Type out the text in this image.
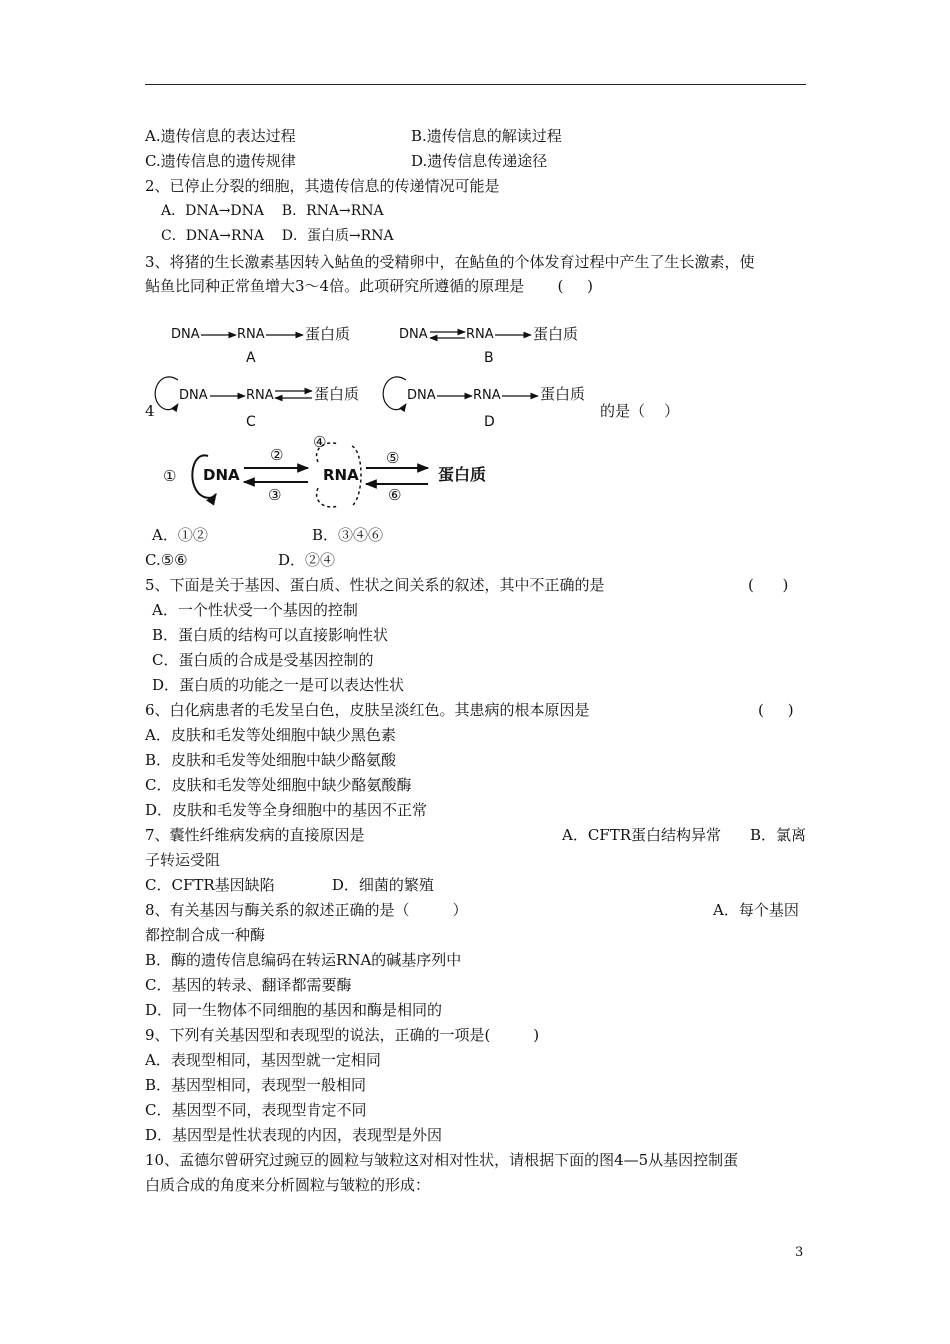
A.遗传信息的表达过程	B.遗传信息的解读过程
C.遗传信息的遗传规律	D.遗传信息传递途径
2、已停止分裂的细胞，其遗传信息的传递情况可能是
A．DNA→DNA    B．RNA→RNA
C．DNA→RNA    D．蛋白质→RNA
3、将猪的生长激素基因转入鲇鱼的受精卵中，在鲇鱼的个体发育过程中产生了生长激素，使
鲇鱼比同种正常鱼增大3～4倍。此项研究所遵循的原理是       (     )
DNA	RNA	蛋白质
A
DNA	RNA	蛋白质
B
DNA	RNA	蛋白质
C
DNA	RNA	蛋白质
D
4	的是（    ）
① DNA
②
③
④
RNA
⑤
⑥
蛋白质
A．①②	B．③④⑥
C.⑤⑥	D．②④
5、下面是关于基因、蛋白质、性状之间关系的叙述，其中不正确的是	(      )
A．一个性状受一个基因的控制
B．蛋白质的结构可以直接影响性状
C．蛋白质的合成是受基因控制的
D．蛋白质的功能之一是可以表达性状
6、白化病患者的毛发呈白色，皮肤呈淡红色。其患病的根本原因是	(     )
A．皮肤和毛发等处细胞中缺少黑色素
B．皮肤和毛发等处细胞中缺少酪氨酸
C．皮肤和毛发等处细胞中缺少酪氨酸酶
D．皮肤和毛发等全身细胞中的基因不正常
7、囊性纤维病发病的直接原因是	A．CFTR蛋白结构异常 B．氯离
子转运受阻
C．CFTR基因缺陷            D．细菌的繁殖
8、有关基因与酶关系的叙述正确的是（         ）	A．每个基因
都控制合成一种酶
B．酶的遗传信息编码在转运RNA的碱基序列中
C．基因的转录、翻译都需要酶
D．同一生物体不同细胞的基因和酶是相同的
9、下列有关基因型和表现型的说法，正确的一项是(         )
A．表现型相同，基因型就一定相同
B．基因型相同，表现型一般相同
C．基因型不同，表现型肯定不同
D．基因型是性状表现的内因，表现型是外因
10、孟德尔曾研究过豌豆的圆粒与皱粒这对相对性状，请根据下面的图4—5从基因控制蛋
白质合成的角度来分析圆粒与皱粒的形成：
3
